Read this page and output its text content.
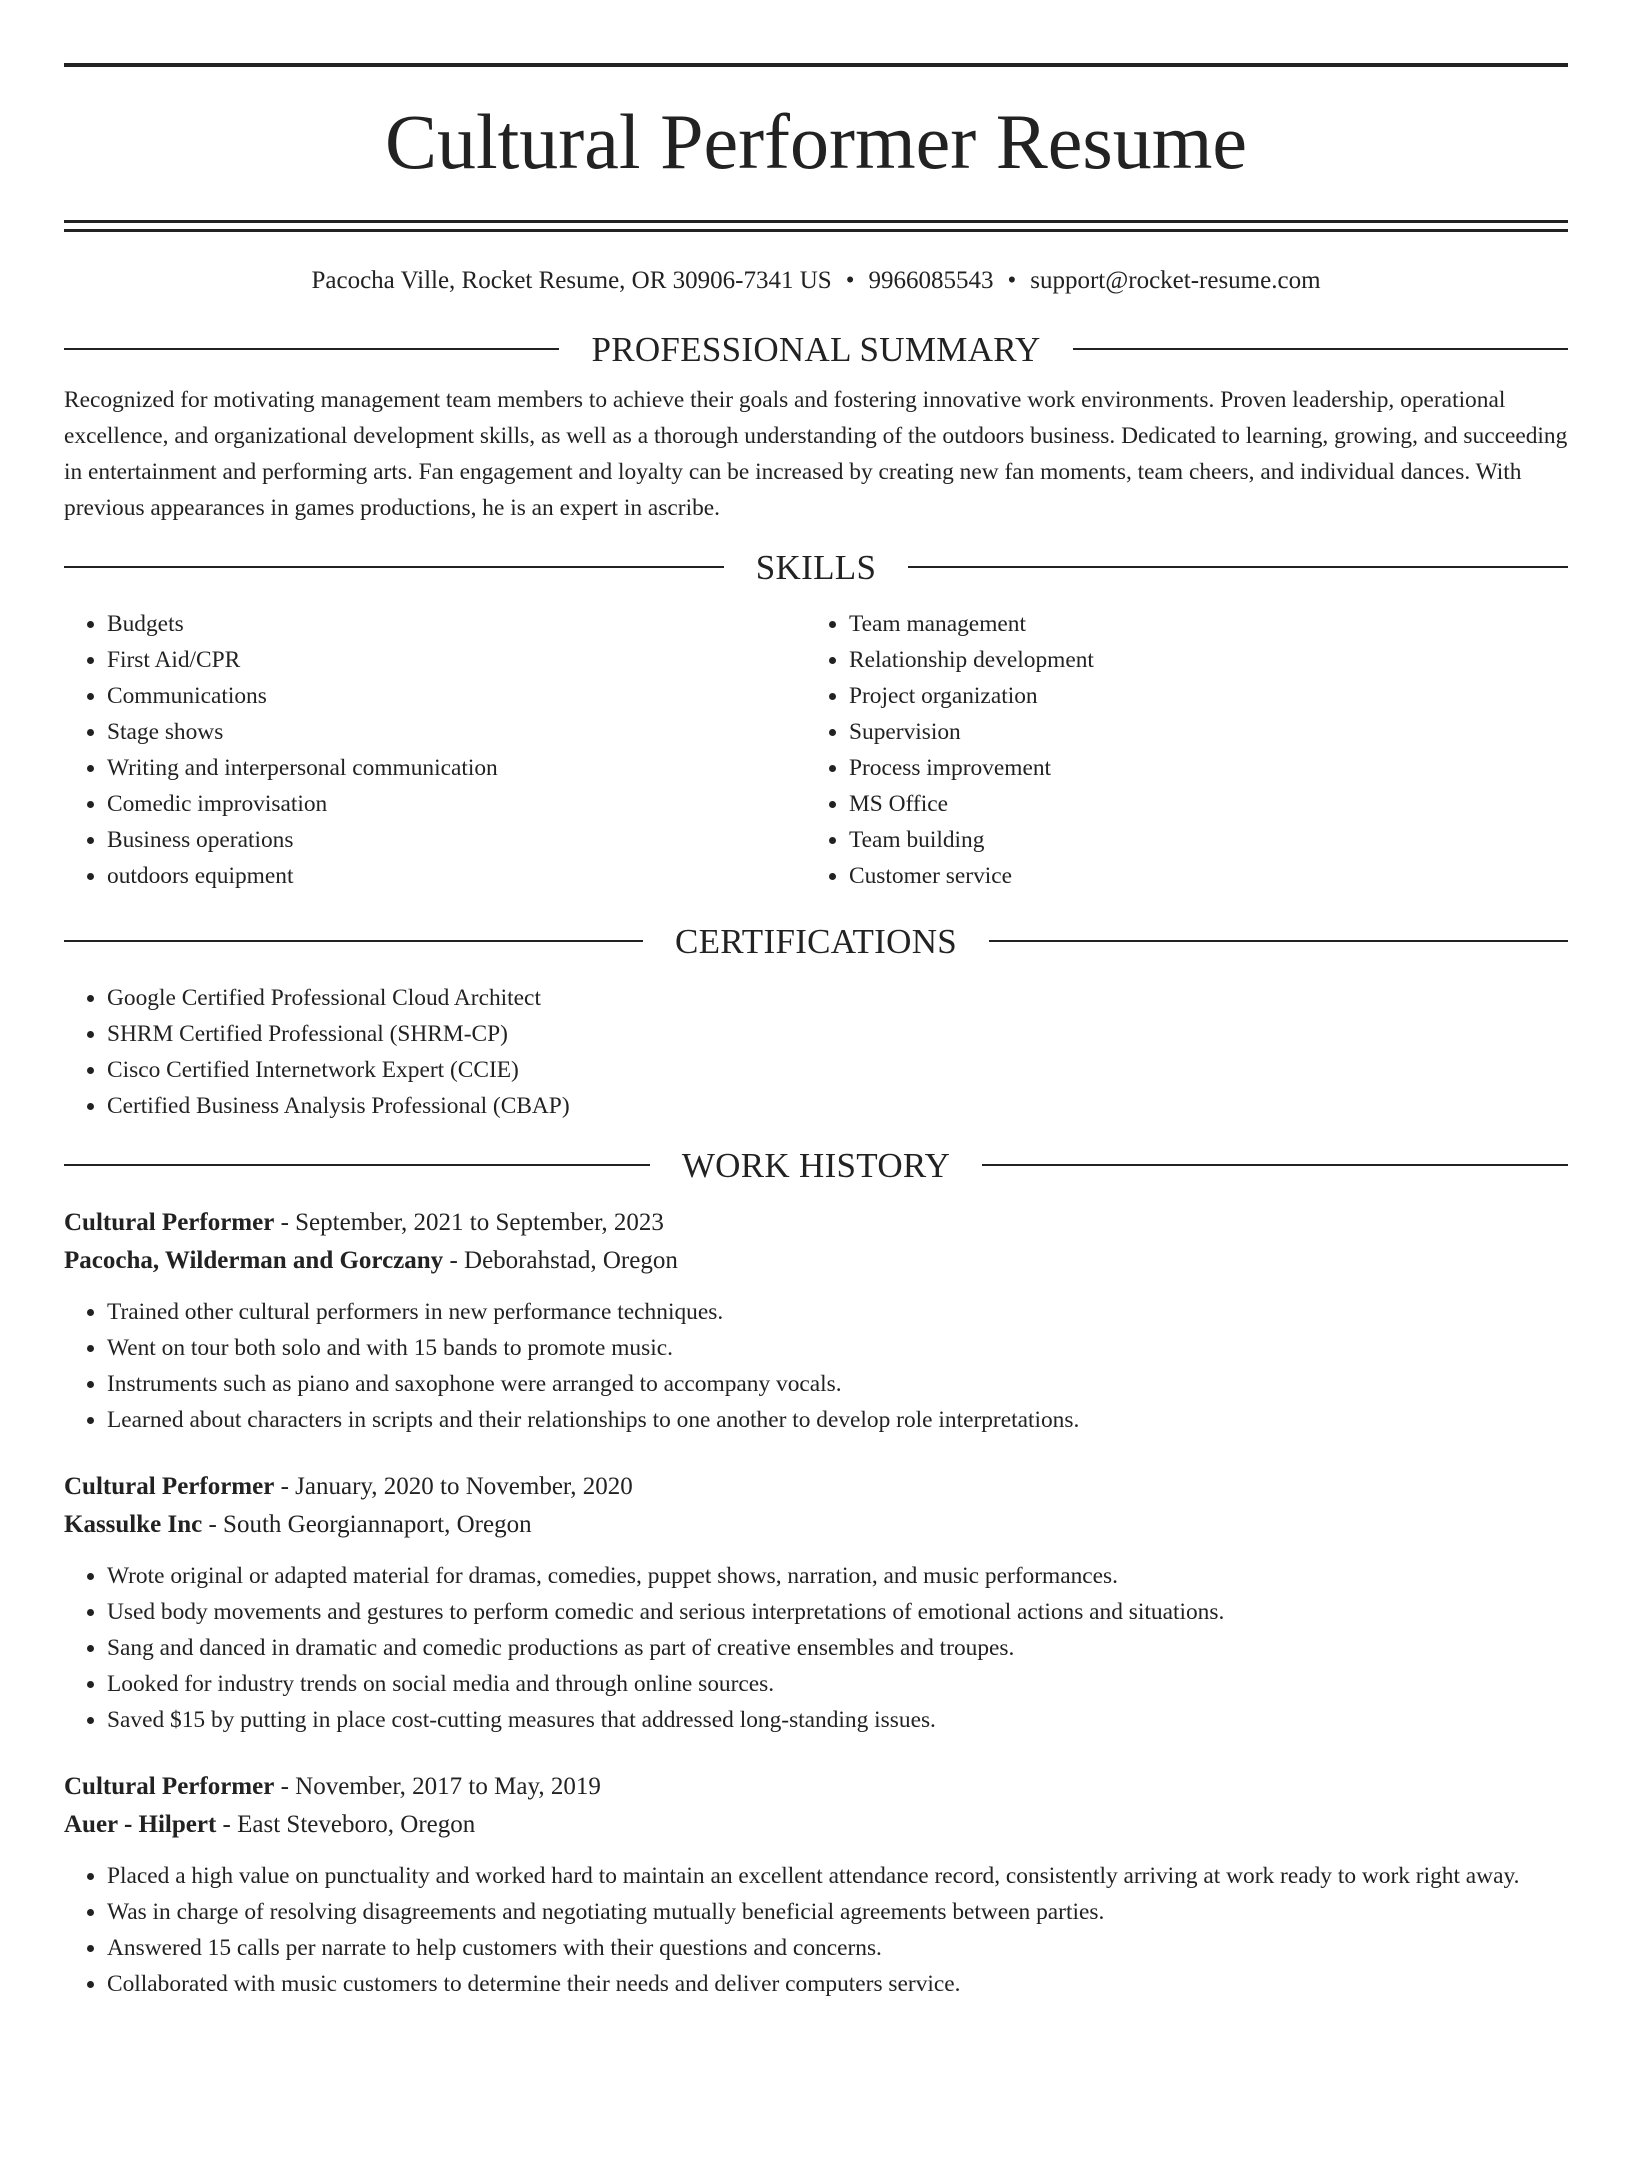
Cultural Performer Resume
Pacocha Ville, Rocket Resume, OR 30906-7341 US • 9966085543 • support@rocket-resume.com
PROFESSIONAL SUMMARY

Recognized for motivating management team members to achieve their goals and fostering innovative work environments. Proven leadership, operational excellence, and organizational development skills, as well as a thorough understanding of the outdoors business. Dedicated to learning, growing, and succeeding in entertainment and performing arts. Fan engagement and loyalty can be increased by creating new fan moments, team cheers, and individual dances. With previous appearances in games productions, he is an expert in ascribe.

SKILLS
• Budgets
• First Aid/CPR
• Communications
• Stage shows
• Writing and interpersonal communication
• Comedic improvisation
• Business operations
• outdoors equipment
• Team management
• Relationship development
• Project organization
• Supervision
• Process improvement
• MS Office
• Team building
• Customer service
CERTIFICATIONS
• Google Certified Professional Cloud Architect
• SHRM Certified Professional (SHRM-CP)
• Cisco Certified Internetwork Expert (CCIE)
• Certified Business Analysis Professional (CBAP)
WORK HISTORY
Cultural Performer - September, 2021 to September, 2023
Pacocha, Wilderman and Gorczany - Deborahstad, Oregon
• Trained other cultural performers in new performance techniques.
• Went on tour both solo and with 15 bands to promote music.
• Instruments such as piano and saxophone were arranged to accompany vocals.
• Learned about characters in scripts and their relationships to one another to develop role interpretations.
Cultural Performer - January, 2020 to November, 2020
Kassulke Inc - South Georgiannaport, Oregon
• Wrote original or adapted material for dramas, comedies, puppet shows, narration, and music performances.
• Used body movements and gestures to perform comedic and serious interpretations of emotional actions and situations.
• Sang and danced in dramatic and comedic productions as part of creative ensembles and troupes.
• Looked for industry trends on social media and through online sources.
• Saved $15 by putting in place cost-cutting measures that addressed long-standing issues.
Cultural Performer - November, 2017 to May, 2019
Auer - Hilpert - East Steveboro, Oregon
• Placed a high value on punctuality and worked hard to maintain an excellent attendance record, consistently arriving at work ready to work right away.
• Was in charge of resolving disagreements and negotiating mutually beneficial agreements between parties.
• Answered 15 calls per narrate to help customers with their questions and concerns.
• Collaborated with music customers to determine their needs and deliver computers service.
